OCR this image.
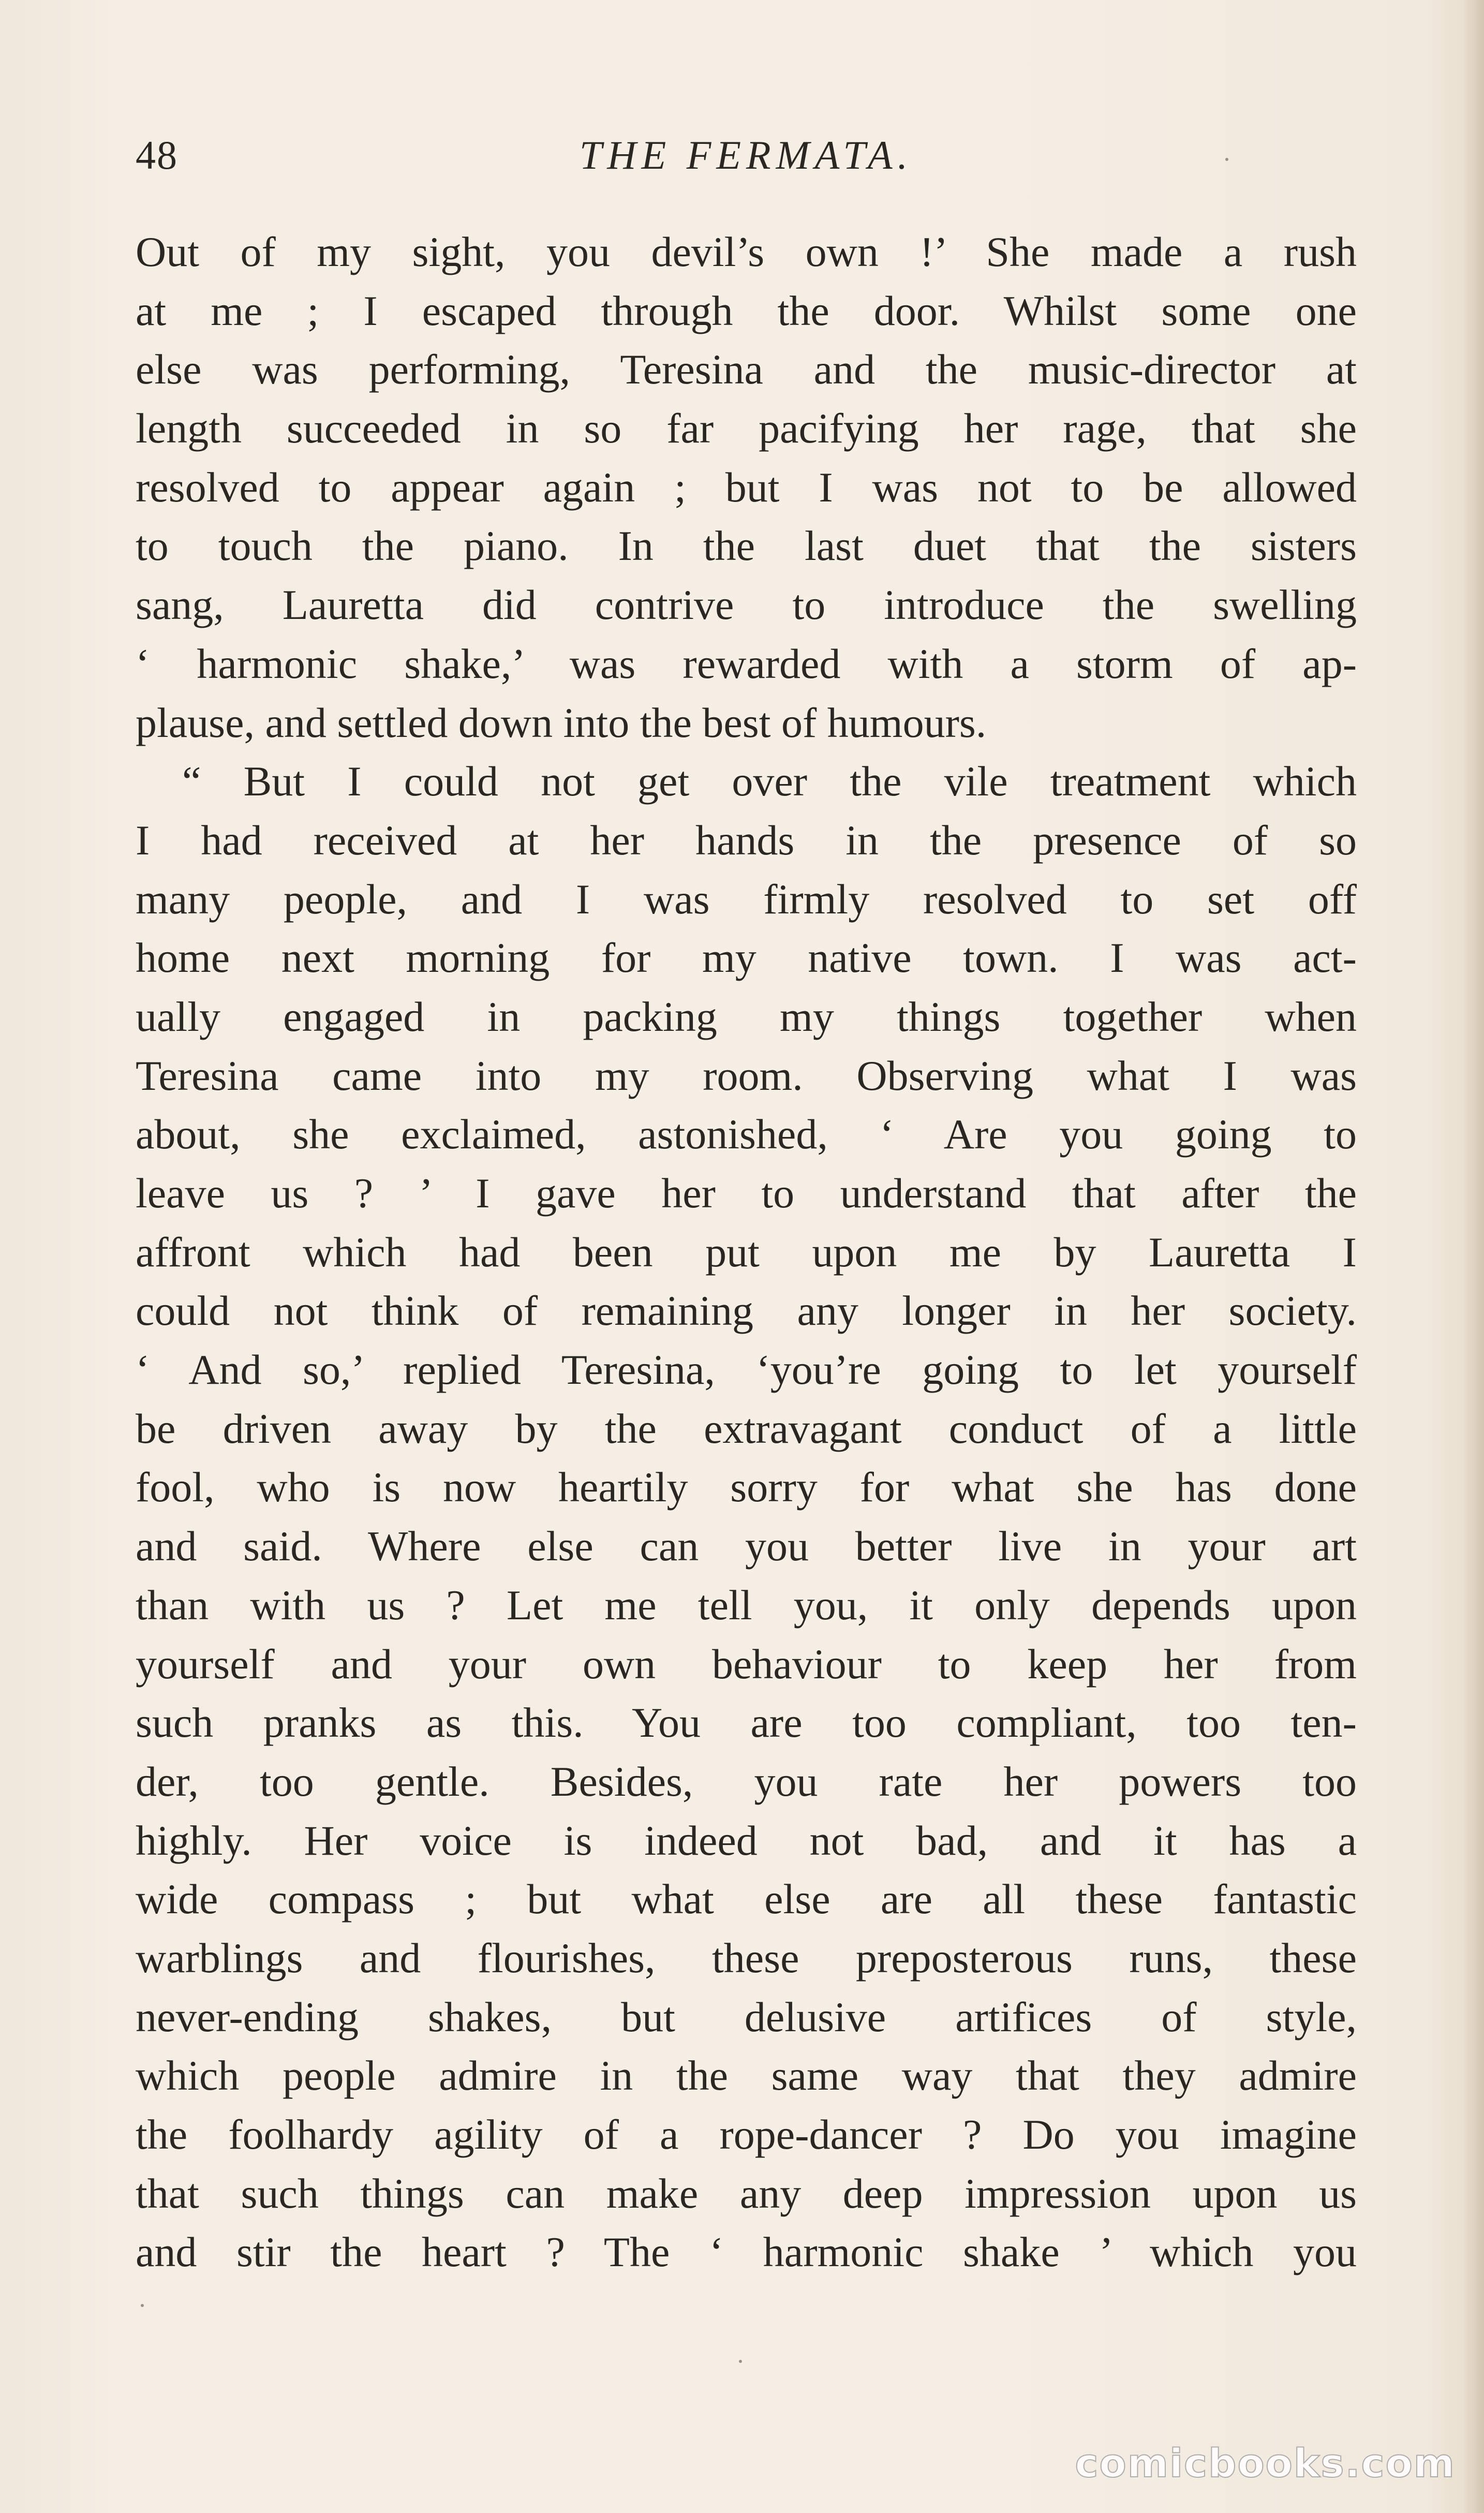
48	THE FERMATA.
Out of my sight, you devil’s own !’ She made a rush
at me ; I escaped through the door. Whilst some one
else was performing, Teresina and the music-director at
length succeeded in so far pacifying her rage, that she
resolved to appear again ; but I was not to be allowed
to touch the piano. In the last duet that the sisters
sang, Lauretta did contrive to introduce the swelling
‘ harmonic shake,’ was rewarded with a storm of ap-
plause, and settled down into the best of humours.
“ But I could not get over the vile treatment which
I had received at her hands in the presence of so
many people, and I was firmly resolved to set off
home next morning for my native town. I was act-
ually engaged in packing my things together when
Teresina came into my room. Observing what I was
about, she exclaimed, astonished, ‘ Are you going to
leave us ? ’ I gave her to understand that after the
affront which had been put upon me by Lauretta I
could not think of remaining any longer in her society.
‘ And so,’ replied Teresina, ‘you’re going to let yourself
be driven away by the extravagant conduct of a little
fool, who is now heartily sorry for what she has done
and said. Where else can you better live in your art
than with us ? Let me tell you, it only depends upon
yourself and your own behaviour to keep her from
such pranks as this. You are too compliant, too ten-
der, too gentle. Besides, you rate her powers too
highly. Her voice is indeed not bad, and it has a
wide compass ; but what else are all these fantastic
warblings and flourishes, these preposterous runs, these
never-ending shakes, but delusive artifices of style,
which people admire in the same way that they admire
the foolhardy agility of a rope-dancer ? Do you imagine
that such things can make any deep impression upon us
and stir the heart ? The ‘ harmonic shake ’ which you
comicbooks.com
